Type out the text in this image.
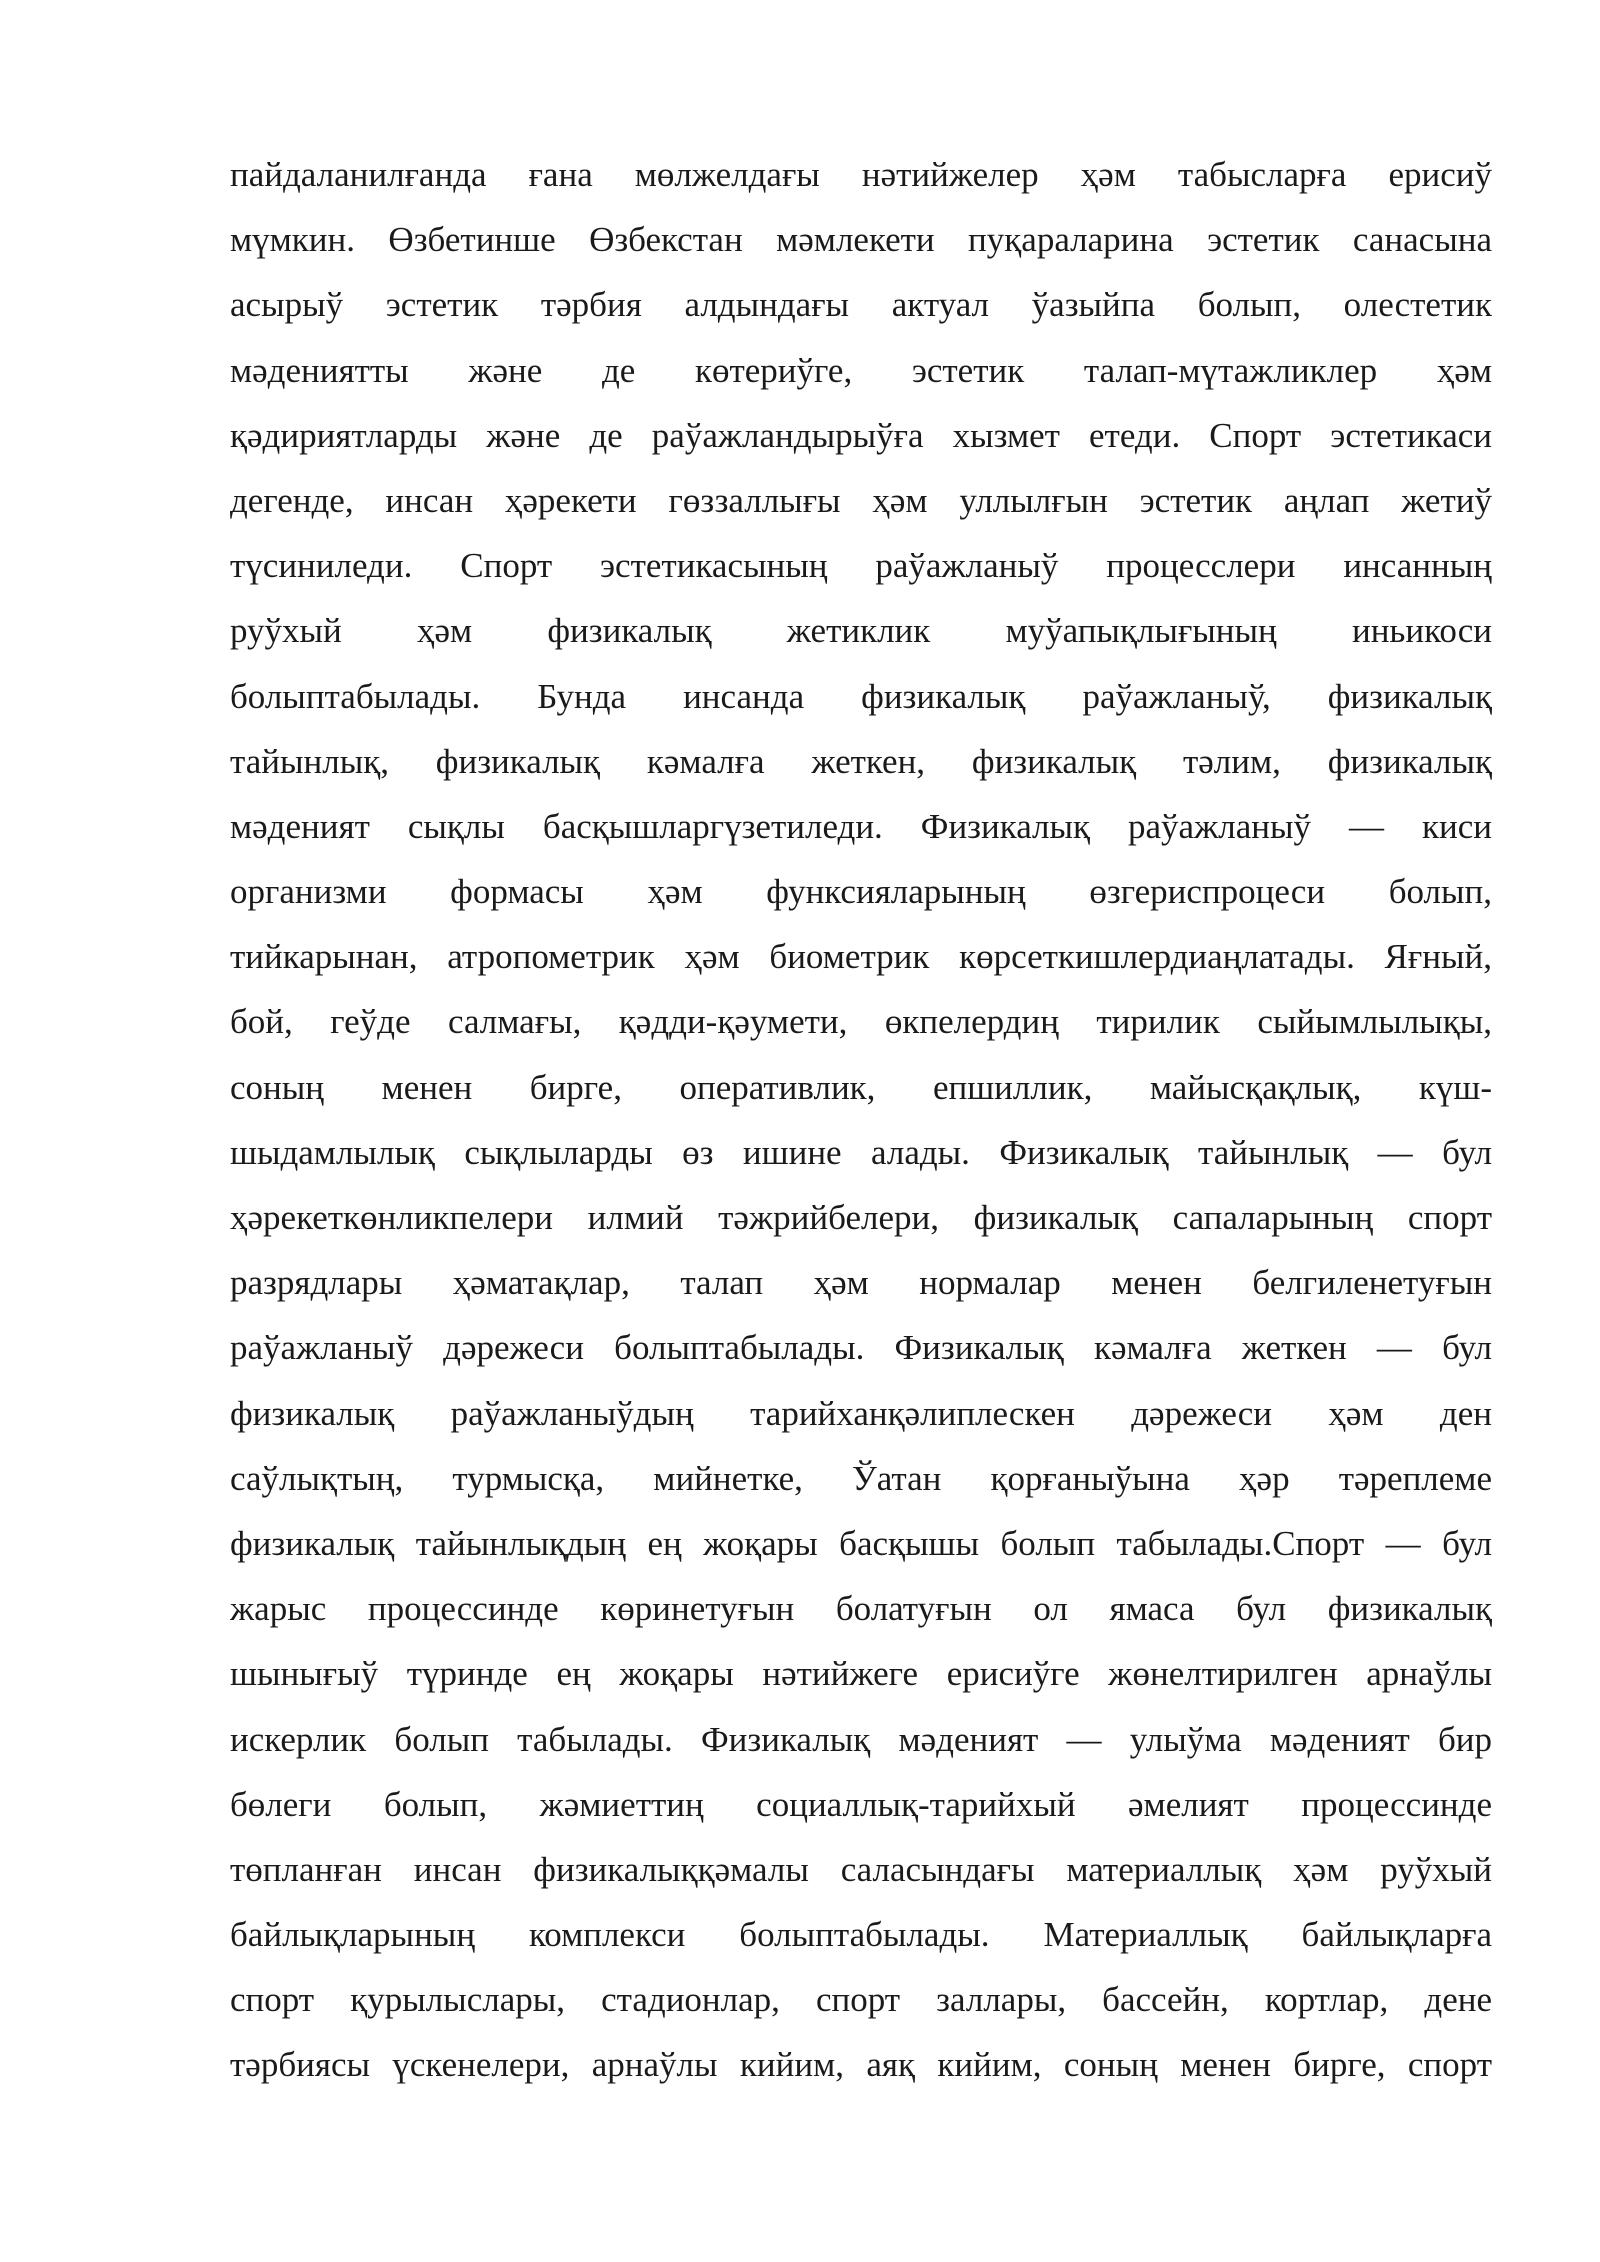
пайдаланилғанда ғана мөлжелдағы нәтийжелер ҳәм табысларға ерисиў
мүмкин. Өзбетинше Өзбекстан мәмлекети пуқараларина эстетик санасына
асырыў эстетик тәрбия алдындағы актуал ўазыйпа болып, олестетик
мәдениятты және де көтериўге, эстетик талап-мүтажликлер ҳәм
қәдириятларды және де раўажландырыўға хызмет етеди. Спорт эстетикаси
дегенде, инсан ҳәрекети гөззаллығы ҳәм уллылғын эстетик аңлап жетиў
түсиниледи. Спорт эстетикасының раўажланыў процесслери инсанның
руўхый ҳәм физикалық жетиклик муўапықлығының иньикоси
болыптабылады. Бунда инсанда физикалық раўажланыў, физикалық
тайынлық, физикалық кәмалға жеткен, физикалық тәлим, физикалық
мәдeният сықлы басқышларгүзетиледи. Физикалық раўажланыў — киси
организми формасы ҳәм функсияларының өзгериспроцеси болып,
тийкарынан, атропометрик ҳәм биометрик көрсеткишлердиаңлатады. Яғный,
бой, геўде салмағы, қәдди-қәумети, өкпелердиң тирилик сыйымлылықы,
соның менен бирге, оперативлик, епшиллик, майысқақлық, күш-
шыдамлылық сықлыларды өз ишине алады. Физикалық тайынлық — бул
ҳәрекеткөнликпелери илмий тәжрийбелери, физикалық сапаларының спорт
разрядлары ҳәматақлар, талап ҳәм нормалар менен белгиленетуғын
раўажланыў дәрежеси болыптабылады. Физикалық кәмалға жеткен — бул
физикалық раўажланыўдың тарийханқәлиплескен дәрежеси ҳәм ден
саўлықтың, турмысқа, мийнетке, Ўатан қорғаныўына ҳәр тәреплеме
физикалық тайынлықдың ең жоқары басқышы болып табылады.Спорт — бул
жарыс процессинде көринетуғын болатуғын ол ямаса бул физикалық
шынығыў түринде ең жоқары нәтийжеге ерисиўге жөнелтирилген арнаўлы
искерлик болып табылады. Физикалық мәдeният — улыўма мәдeният бир
бөлеги болып, жәмиеттиң социаллық-тарийхый әмелият процессинде
төпланған инсан физикалыққәмалы саласындағы материаллық ҳәм руўхый
байлықларының комплекси болыптабылады. Материаллық байлықларға
спорт қурылыслары, стадионлар, спорт заллары, бассейн, кортлар, дене
тәрбиясы үскенелери, арнаўлы кийим, аяқ кийим, соның менен бирге, спорт
